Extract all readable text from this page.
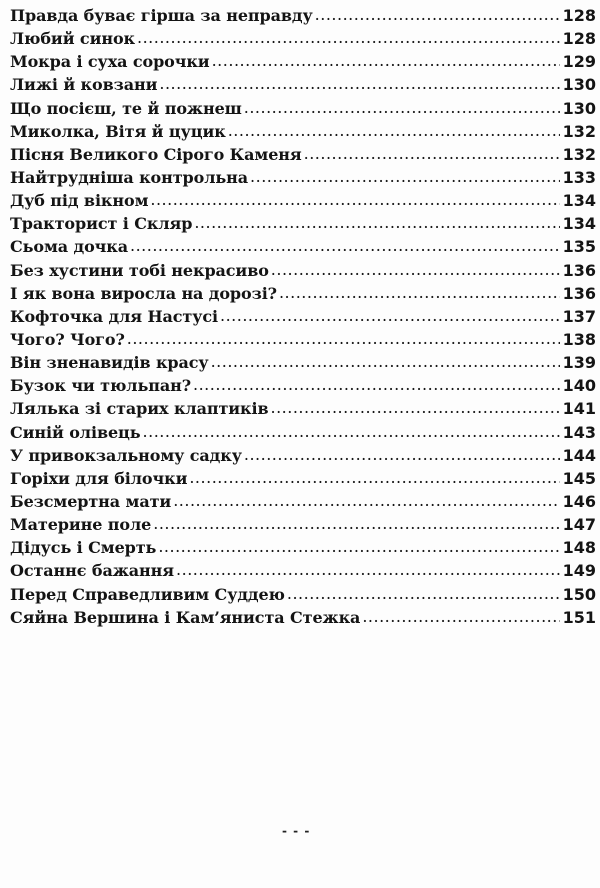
Правда буває гірша за неправду .....	128
Любий синок .....	128
Мокра і суха сорочки .....	129
Лижі й ковзани .....	130
Що посієш, те й пожнеш .....	130
Миколка, Вітя й цуцик .....	132
Пісня Великого Сірого Каменя .....	132
Найтрудніша контрольна .....	133
Дуб під вікном .....	134
Тракторист і Скляр .....	134
Сьома дочка .....	135
Без хустини тобі некрасиво .....	136
І як вона виросла на дорозі? .....	136
Кофточка для Настусі .....	137
Чого? Чого? .....	138
Він зненавидів красу .....	139
Бузок чи тюльпан? .....	140
Лялька зі старих клаптиків .....	141
Синій олівець .....	143
У привокзальному садку .....	144
Горіхи для білочки .....	145
Безсмертна мати .....	146
Материне поле .....	147
Дідусь і Смерть .....	148
Останнє бажання .....	149
Перед Справедливим Суддею .....	150
Сяйна Вершина і Кам’яниста Стежка .....	151
- - -
